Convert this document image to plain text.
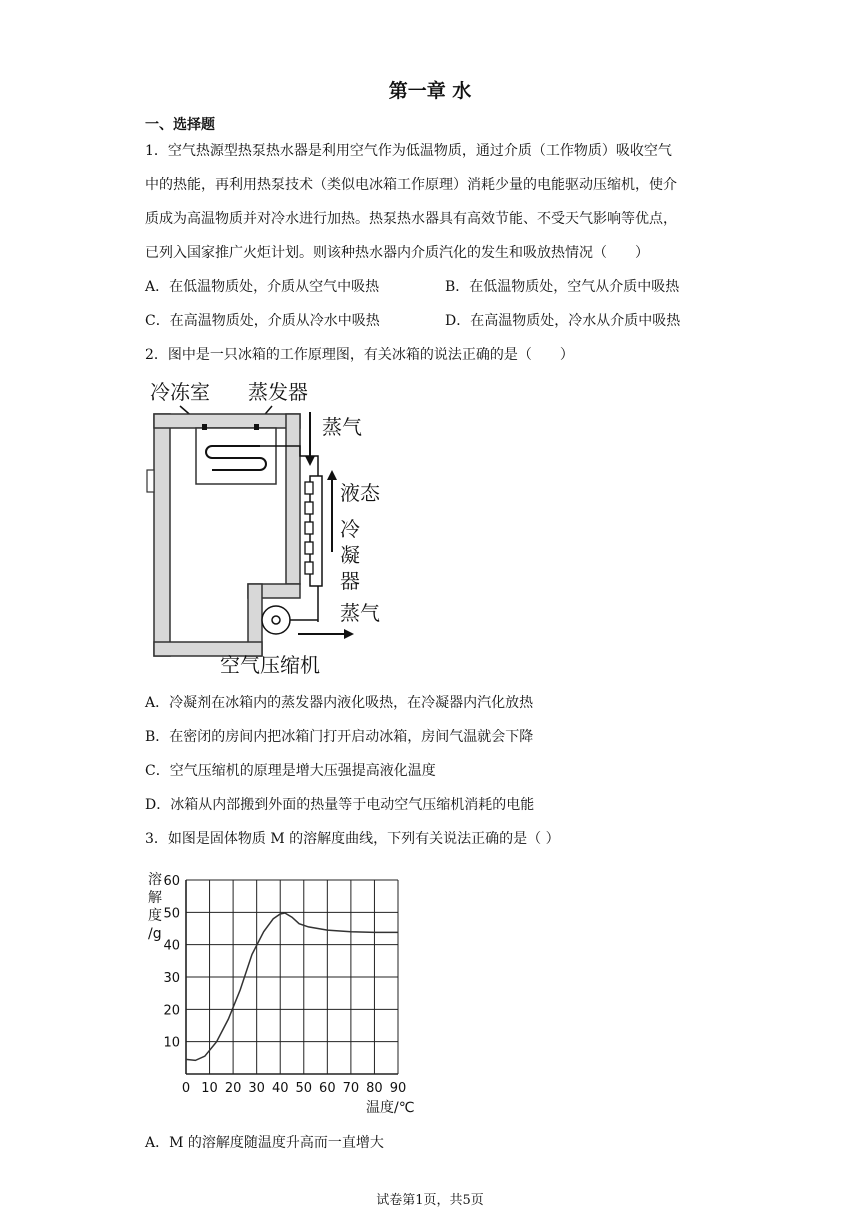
第一章 水
一、选择题
1．空气热源型热泵热水器是利用空气作为低温物质，通过介质（工作物质）吸收空气
中的热能，再利用热泵技术（类似电冰箱工作原理）消耗少量的电能驱动压缩机，使介
质成为高温物质并对冷水进行加热。热泵热水器具有高效节能、不受天气影响等优点，
已列入国家推广火炬计划。则该种热水器内介质汽化的发生和吸放热情况（　　）
A．在低温物质处，介质从空气中吸热	B．在低温物质处，空气从介质中吸热
C．在高温物质处，介质从冷水中吸热	D．在高温物质处，冷水从介质中吸热
2．图中是一只冰箱的工作原理图，有关冰箱的说法正确的是（　　）
冷冻室 蒸发器
蒸气
液态
冷
凝
器
蒸气
空气压缩机
A．冷凝剂在冰箱内的蒸发器内液化吸热，在冷凝器内汽化放热
B．在密闭的房间内把冰箱门打开启动冰箱，房间气温就会下降
C．空气压缩机的原理是增大压强提高液化温度
D．冰箱从内部搬到外面的热量等于电动空气压缩机消耗的电能
3．如图是固体物质 M 的溶解度曲线，下列有关说法正确的是（ ）
溶
解
度
/g
0 10 20 30 40 50 60 70 80 90
10
20
30
40
50
60
温度/℃
A．M 的溶解度随温度升高而一直增大
试卷第1页，共5页
